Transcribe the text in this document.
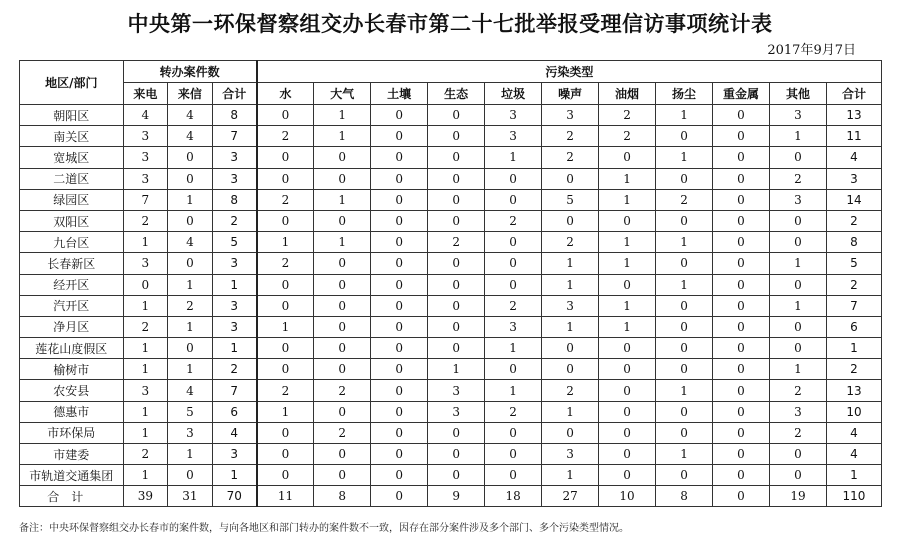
中央第一环保督察组交办长春市第二十七批举报受理信访事项统计表
2017年9月7日
地区/部门	转办案件数			污染类型										
	来电	来信	合计	水	大气	土壤	生态	垃圾	噪声	油烟	扬尘	重金属	其他	合计
朝阳区	4	4	8	0	1	0	0	3	3	2	1	0	3	13
南关区	3	4	7	2	1	0	0	3	2	2	0	0	1	11
宽城区	3	0	3	0	0	0	0	1	2	0	1	0	0	4
二道区	3	0	3	0	0	0	0	0	0	1	0	0	2	3
绿园区	7	1	8	2	1	0	0	0	5	1	2	0	3	14
双阳区	2	0	2	0	0	0	0	2	0	0	0	0	0	2
九台区	1	4	5	1	1	0	2	0	2	1	1	0	0	8
长春新区	3	0	3	2	0	0	0	0	1	1	0	0	1	5
经开区	0	1	1	0	0	0	0	0	1	0	1	0	0	2
汽开区	1	2	3	0	0	0	0	2	3	1	0	0	1	7
净月区	2	1	3	1	0	0	0	3	1	1	0	0	0	6
莲花山度假区	1	0	1	0	0	0	0	1	0	0	0	0	0	1
榆树市	1	1	2	0	0	0	1	0	0	0	0	0	1	2
农安县	3	4	7	2	2	0	3	1	2	0	1	0	2	13
德惠市	1	5	6	1	0	0	3	2	1	0	0	0	3	10
市环保局	1	3	4	0	2	0	0	0	0	0	0	0	2	4
市建委	2	1	3	0	0	0	0	0	3	0	1	0	0	4
市轨道交通集团	1	0	1	0	0	0	0	0	1	0	0	0	0	1
合计	39	31	70	11	8	0	9	18	27	10	8	0	19	110
备注：中央环保督察组交办长春市的案件数，与向各地区和部门转办的案件数不一致，因存在部分案件涉及多个部门、多个污染类型情况。
